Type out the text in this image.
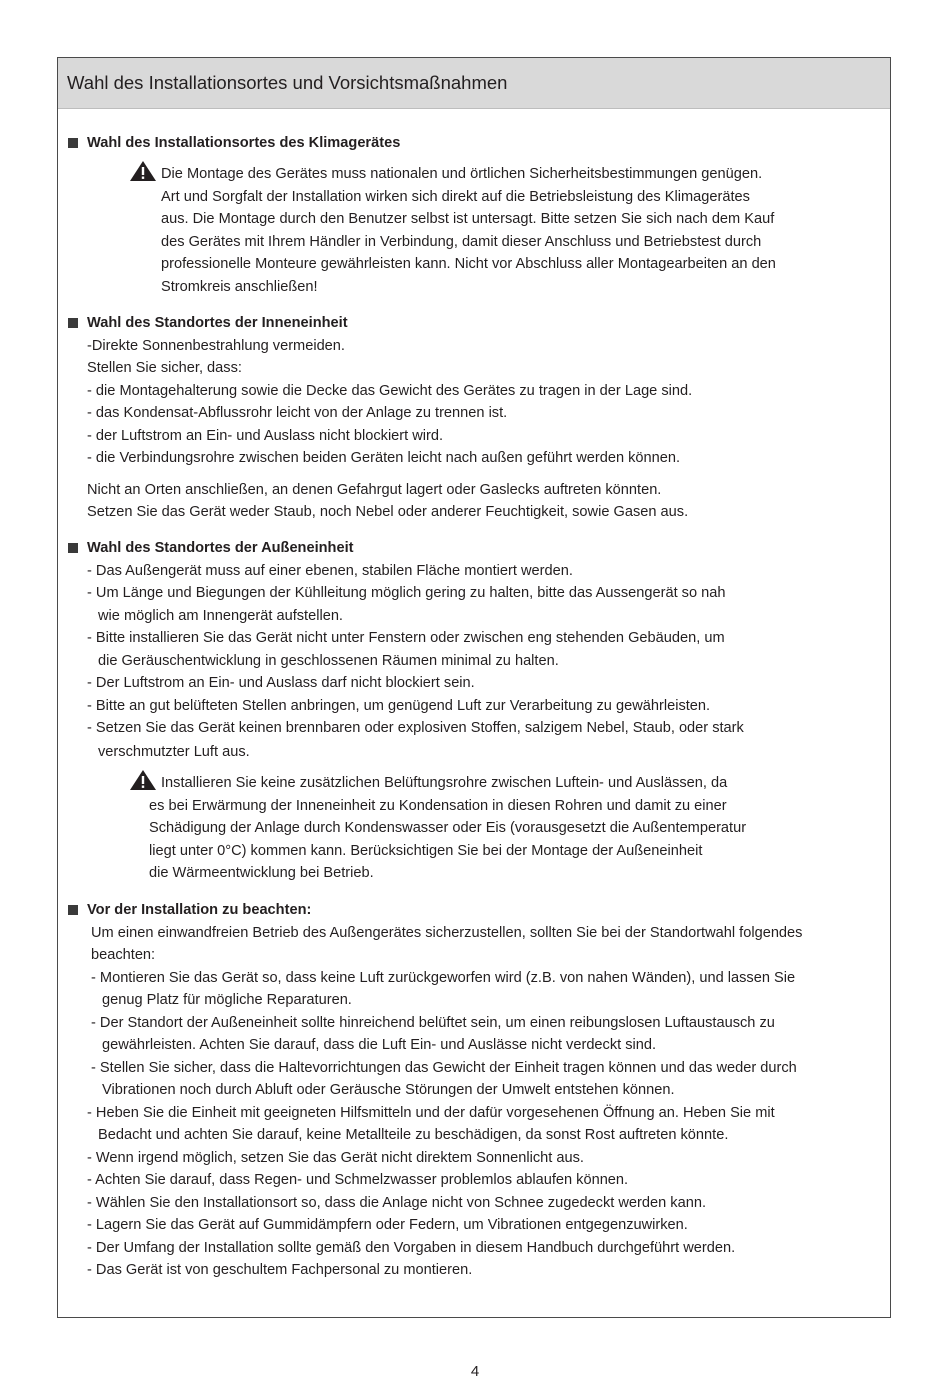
Wahl des Installationsortes und Vorsichtsmaßnahmen
Wahl des Installationsortes des Klimagerätes
Die Montage des Gerätes muss nationalen und örtlichen Sicherheitsbestimmungen genügen.
Art und Sorgfalt der Installation wirken sich direkt auf die Betriebsleistung des Klimagerätes
aus. Die Montage durch den Benutzer selbst ist untersagt. Bitte setzen Sie sich nach dem Kauf
des Gerätes mit Ihrem Händler in Verbindung, damit dieser Anschluss und Betriebstest durch
professionelle Monteure gewährleisten kann. Nicht vor Abschluss aller Montagearbeiten an den
Stromkreis anschließen!
Wahl des Standortes der Inneneinheit
-Direkte Sonnenbestrahlung vermeiden.
Stellen Sie sicher, dass:
- die Montagehalterung sowie die Decke das Gewicht des Gerätes zu tragen in der Lage sind.
- das Kondensat-Abflussrohr leicht von der Anlage zu trennen ist.
- der Luftstrom an Ein- und Auslass nicht blockiert wird.
- die Verbindungsrohre zwischen beiden Geräten leicht nach außen geführt werden können.
Nicht an Orten anschließen, an denen Gefahrgut lagert oder Gaslecks auftreten könnten.
Setzen Sie das Gerät weder Staub, noch Nebel oder anderer Feuchtigkeit, sowie Gasen aus.
Wahl des Standortes der Außeneinheit
- Das Außengerät muss auf einer ebenen, stabilen Fläche montiert werden.
- Um Länge und Biegungen der Kühlleitung möglich gering zu halten, bitte das Aussengerät so nah
wie möglich am Innengerät aufstellen.
- Bitte installieren Sie das Gerät nicht unter Fenstern oder zwischen eng stehenden Gebäuden, um
die Geräuschentwicklung in geschlossenen Räumen minimal zu halten.
- Der Luftstrom an Ein- und Auslass darf nicht blockiert sein.
- Bitte an gut belüfteten Stellen anbringen, um genügend Luft zur Verarbeitung zu gewährleisten.
- Setzen Sie das Gerät keinen brennbaren oder explosiven Stoffen, salzigem Nebel, Staub, oder stark
verschmutzter Luft aus.
Installieren Sie keine zusätzlichen Belüftungsrohre zwischen Luftein- und Auslässen, da
es bei Erwärmung der Inneneinheit zu Kondensation in diesen Rohren und damit zu einer
Schädigung der Anlage durch Kondenswasser oder Eis (vorausgesetzt die Außentemperatur
liegt unter 0°C) kommen kann. Berücksichtigen Sie bei der Montage der Außeneinheit
die Wärmeentwicklung bei Betrieb.
Vor der Installation zu beachten:
Um einen einwandfreien Betrieb des Außengerätes sicherzustellen, sollten Sie bei der Standortwahl folgendes
beachten:
- Montieren Sie das Gerät so, dass keine Luft zurückgeworfen wird (z.B. von nahen Wänden), und lassen Sie
genug Platz für mögliche Reparaturen.
- Der Standort der Außeneinheit sollte hinreichend belüftet sein, um einen reibungslosen Luftaustausch zu
gewährleisten. Achten Sie darauf, dass die Luft Ein- und Auslässe nicht verdeckt sind.
- Stellen Sie sicher, dass die Haltevorrichtungen das Gewicht der Einheit tragen können und das weder durch
Vibrationen noch durch Abluft oder Geräusche Störungen der Umwelt entstehen können.
- Heben Sie die Einheit mit geeigneten Hilfsmitteln und der dafür vorgesehenen Öffnung an. Heben Sie mit
Bedacht und achten Sie darauf, keine Metallteile zu beschädigen, da sonst Rost auftreten könnte.
- Wenn irgend möglich, setzen Sie das Gerät nicht direktem Sonnenlicht aus.
- Achten Sie darauf, dass Regen- und Schmelzwasser problemlos ablaufen können.
- Wählen Sie den Installationsort so, dass die Anlage nicht von Schnee zugedeckt werden kann.
- Lagern Sie das Gerät auf Gummidämpfern oder Federn, um Vibrationen entgegenzuwirken.
- Der Umfang der Installation sollte gemäß den Vorgaben in diesem Handbuch durchgeführt werden.
- Das Gerät ist von geschultem Fachpersonal zu montieren.
4
